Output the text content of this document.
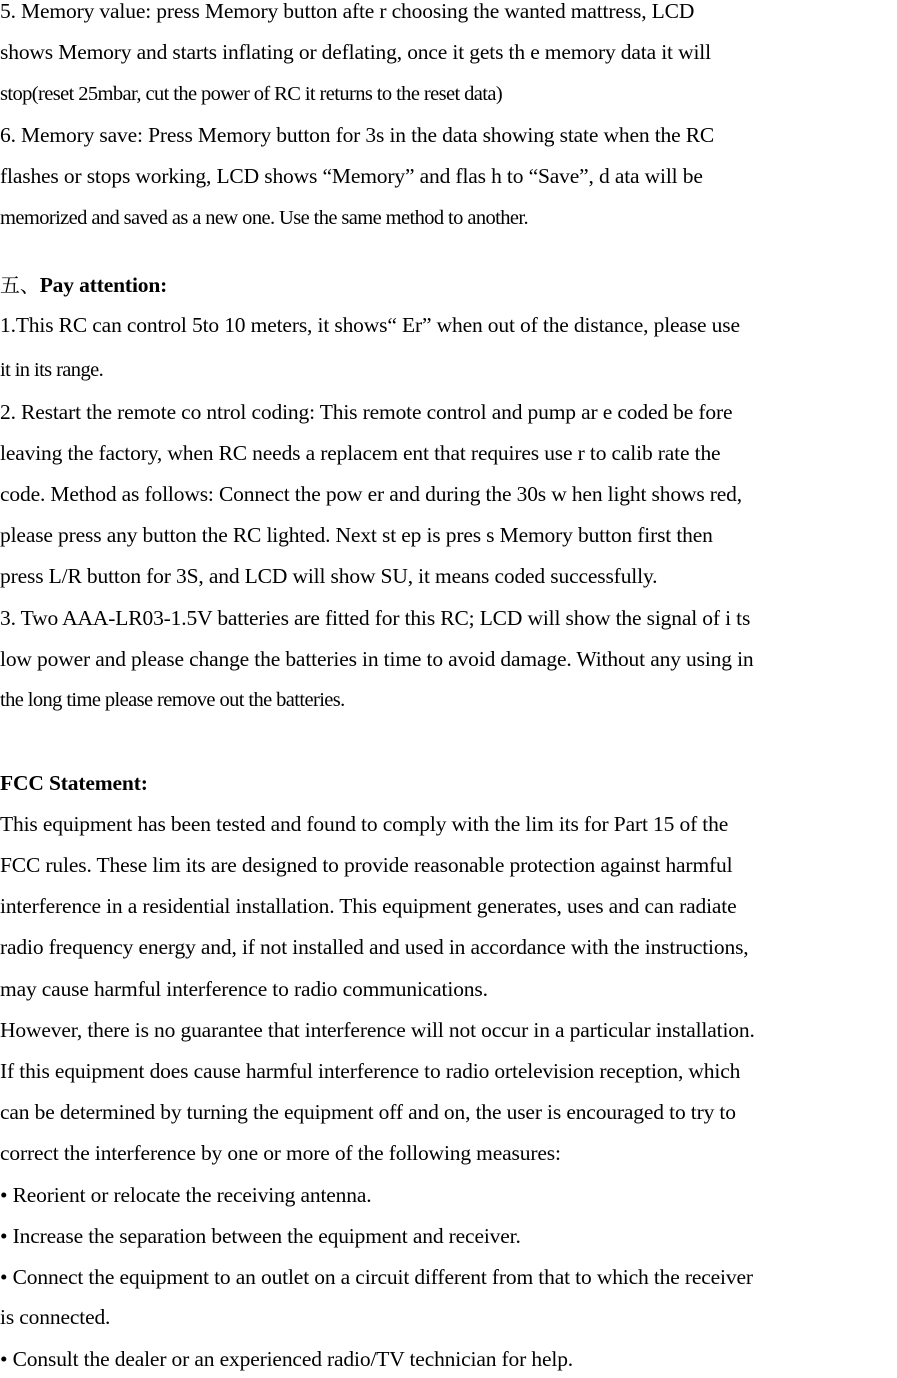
5. Memory value: press Memory button afte r choosing the wanted mattress, LCD
shows Memory and starts inflating or deflating, once it gets th e memory data it will
stop(reset 25mbar, cut the power of RC it returns to the reset data)
6. Memory save: Press Memory button for 3s in the data showing state when the RC
flashes or stops working, LCD shows “Memory” and flas h to “Save”, d ata will be
memorized and saved as a new one. Use the same method to another.
五、Pay attention:
1.This RC can control 5to 10 meters, it shows“ Er” when out of the distance, please use
it in its range.
2. Restart the remote co ntrol coding: This remote control and pump ar e coded be fore
leaving the factory, when RC needs a replacem ent that requires use r to calib rate the
code. Method as follows: Connect the pow er and during the 30s w hen light shows red,
please press any button the RC lighted. Next st ep is pres s Memory button first then
press L/R button for 3S, and LCD will show SU, it means coded successfully.
3. Two AAA-LR03-1.5V batteries are fitted for this RC; LCD will show the signal of i ts
low power and please change the batteries in time to avoid damage. Without any using in
the long time please remove out the batteries.
FCC Statement:
This equipment has been tested and found to comply with the lim its for Part 15 of the
FCC rules. These lim its are designed to provide reasonable protection against harmful
interference in a residential installation. This equipment generates, uses and can radiate
radio frequency energy and, if not installed and used in accordance with the instructions,
may cause harmful interference to radio communications.
However, there is no guarantee that interference will not occur in a particular installation.
If this equipment does cause harmful interference to radio ortelevision reception, which
can be determined by turning the equipment off and on, the user is encouraged to try to
correct the interference by one or more of the following measures:
• Reorient or relocate the receiving antenna.
• Increase the separation between the equipment and receiver.
• Connect the equipment to an outlet on a circuit different from that to which the receiver
is connected.
• Consult the dealer or an experienced radio/TV technician for help.
